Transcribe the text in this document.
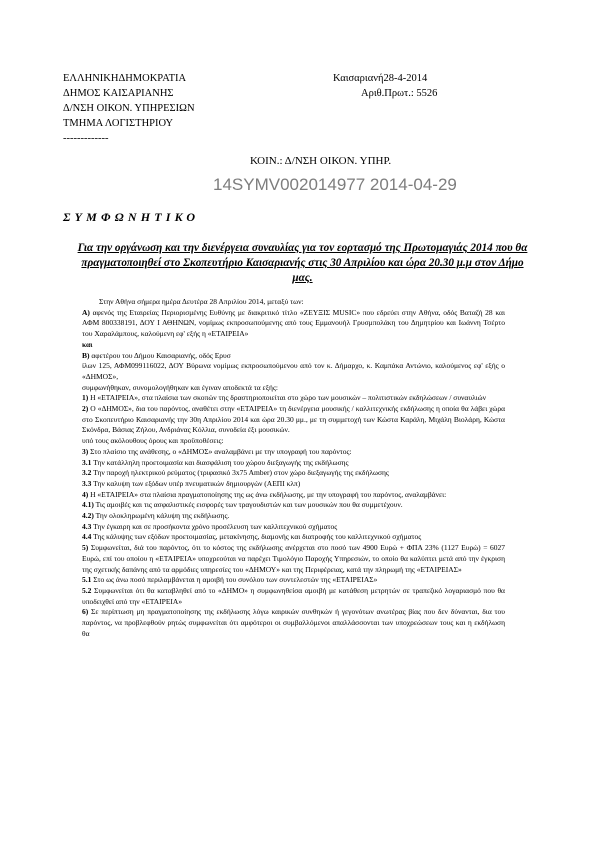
ΕΛΛΗΝΙΚΗΔΗΜΟΚΡΑΤΙΑ
ΔΗΜΟΣ ΚΑΙΣΑΡΙΑΝΗΣ
Δ/ΝΣΗ ΟΙΚΟΝ. ΥΠΗΡΕΣΙΩΝ
ΤΜΗΜΑ ΛΟΓΙΣΤΗΡΙΟΥ
-------------
Καισαριανή28-4-2014
Αριθ.Πρωτ.: 5526
ΚΟΙΝ.: Δ/ΝΣΗ ΟΙΚΟΝ. ΥΠΗΡ.
14SYMV002014977 2014-04-29
ΣΥΜΦΩΝΗΤΙΚΟ
Για την οργάνωση και την διενέργεια συναυλίας για τον εορτασμό της Πρωτομαγιάς 2014 που θα πραγματοποιηθεί στο Σκοπευτήριο Καισαριανής στις 30 Απριλίου και ώρα 20.30 μ.μ στον Δήμο μας.

Στην Αθήνα σήμερα ημέρα Δευτέρα 28 Απριλίου 2014, μεταξύ των:

Α) αφενός της Εταιρείας Περιορισμένης Ευθύνης με διακριτικό τίτλο «ΖΕΥΞΙΣ MUSIC» που εδρεύει στην Αθήνα, οδός Βαταζή 28 και ΑΦΜ 800338191, ΔΟΥ Ι ΑΘΗΝΩΝ, νομίμως εκπροσωπούμενης από τους Εμμανουήλ Γρυσμπολάκη του Δημητρίου και Ιωάννη Τσέρτο του Χαραλάμπους, καλούμενη εφ' εξής η «ΕΤΑΙΡΕΙΑ»

και

Β) αφετέρου του Δήμου Καισαριανής, οδός Ερυσ

ίλων 125, ΑΦΜ099116022, ΔΟΥ Βύρωνα νομίμως εκπροσωπούμενου από τον κ. Δήμαρχο, κ. Καμπάκα Αντώνιο, καλούμενος εφ' εξής ο «ΔΗΜΟΣ»,

συμφωνήθηκαν, συνομολογήθηκαν και έγιναν αποδεκτά τα εξής:

1) Η «ΕΤΑΙΡΕΙΑ», στα πλαίσια των σκοπών της δραστηριοποιείται στο χώρο των μουσικών – πολιτιστικών εκδηλώσεων / συναυλιών

2) Ο «ΔΗΜΟΣ», δια του παρόντος, αναθέτει στην «ΕΤΑΙΡΕΙΑ» τη διενέργεια μουσικής / καλλιτεχνικής εκδήλωσης η οποία θα λάβει χώρα στο Σκοπευτήριο Καισαριανής την 30η Απριλίου 2014 και ώρα 20.30 μμ., με τη συμμετοχή των Κώστα Καράλη, Μιχάλη Βιολάρη, Κώστα Σκόνδρα, Βάσιας Ζήλου, Ανδριάνας Κόλλια, συνοδεία έξι μουσικών.

υπό τους ακόλουθους όρους και προϋποθέσεις:

3) Στο πλαίσιο της ανάθεσης, ο «ΔΗΜΟΣ» αναλαμβάνει με την υπογραφή του παρόντος:

3.1 Την κατάλληλη προετοιμασία και διασφάλιση του χώρου διεξαγωγής της εκδήλωσης

3.2 Την παροχή ηλεκτρικού ρεύματος (τριφασικό 3x75 Amber) στον χώρο διεξαγωγής της εκδήλωσης

3.3 Την καλυψη των εξόδων υπέρ πνευματικών δημιουργών (ΑΕΠΙ κλπ)

4) Η «ΕΤΑΙΡΕΙΑ» στα πλαίσια πραγματοποίησης της ως άνω εκδήλωσης, με την υπογραφή του παρόντος, αναλαμβάνει:

4.1) Τις αμοιβές και τις ασφαλιστικές εισφορές των τραγουδιστών και των μουσικών που θα συμμετέχουν.

4.2) Την ολοκληρωμένη κάλυψη της εκδήλωσης.

4.3 Την έγκαιρη και σε προσήκοντα χρόνο προσέλευση των καλλιτεχνικού σχήματος

4.4 Της κάλυψης των εξόδων προετοιμασίας, μετακίνησης, διαμονής και διατροφής του καλλιτεχνικού σχήματος

5) Συμφωνείται, διά του παρόντος, ότι το κόστος της εκδήλωσης ανέρχεται στο ποσό των 4900 Ευρώ + ΦΠΑ 23% (1127 Ευρώ) = 6027 Ευρώ, επί του οποίου η «ΕΤΑΙΡΕΙΑ» υποχρεούται να παρέχει Τιμολόγιο Παροχής Υπηρεσιών, το οποίο θα καλύπτει μετά από την έγκριση της σχετικής δαπάνης από τα αρμόδιες υπηρεσίες του «ΔΗΜΟΥ» και της Περιφέρειας, κατά την πληρωμή της «ΕΤΑΙΡΕΙΑΣ»

5.1 Στο ως άνω ποσό περιλαμβάνεται η αμοιβή του συνόλου των συντελεστών της «ΕΤΑΙΡΕΙΑΣ»

5.2 Συμφωνείται ότι θα καταβληθεί από το «ΔΗΜΟ» η συμφωνηθείσα αμοιβή με κατάθεση μετρητών σε τραπεζικό λογαριασμό που θα υποδειχθεί από την «ΕΤΑΙΡΕΙΑ»

6) Σε περίπτωση μη πραγματοποίησης της εκδήλωσης λόγω καιρικών συνθηκών ή γεγονότων ανωτέρας βίας που δεν δύνανται, δια του παρόντος, να προβλεφθούν ρητώς συμφωνείται ότι αμφότεροι οι συμβαλλόμενοι απαλλάσσονται των υποχρεώσεων τους και η εκδήλωση θα
